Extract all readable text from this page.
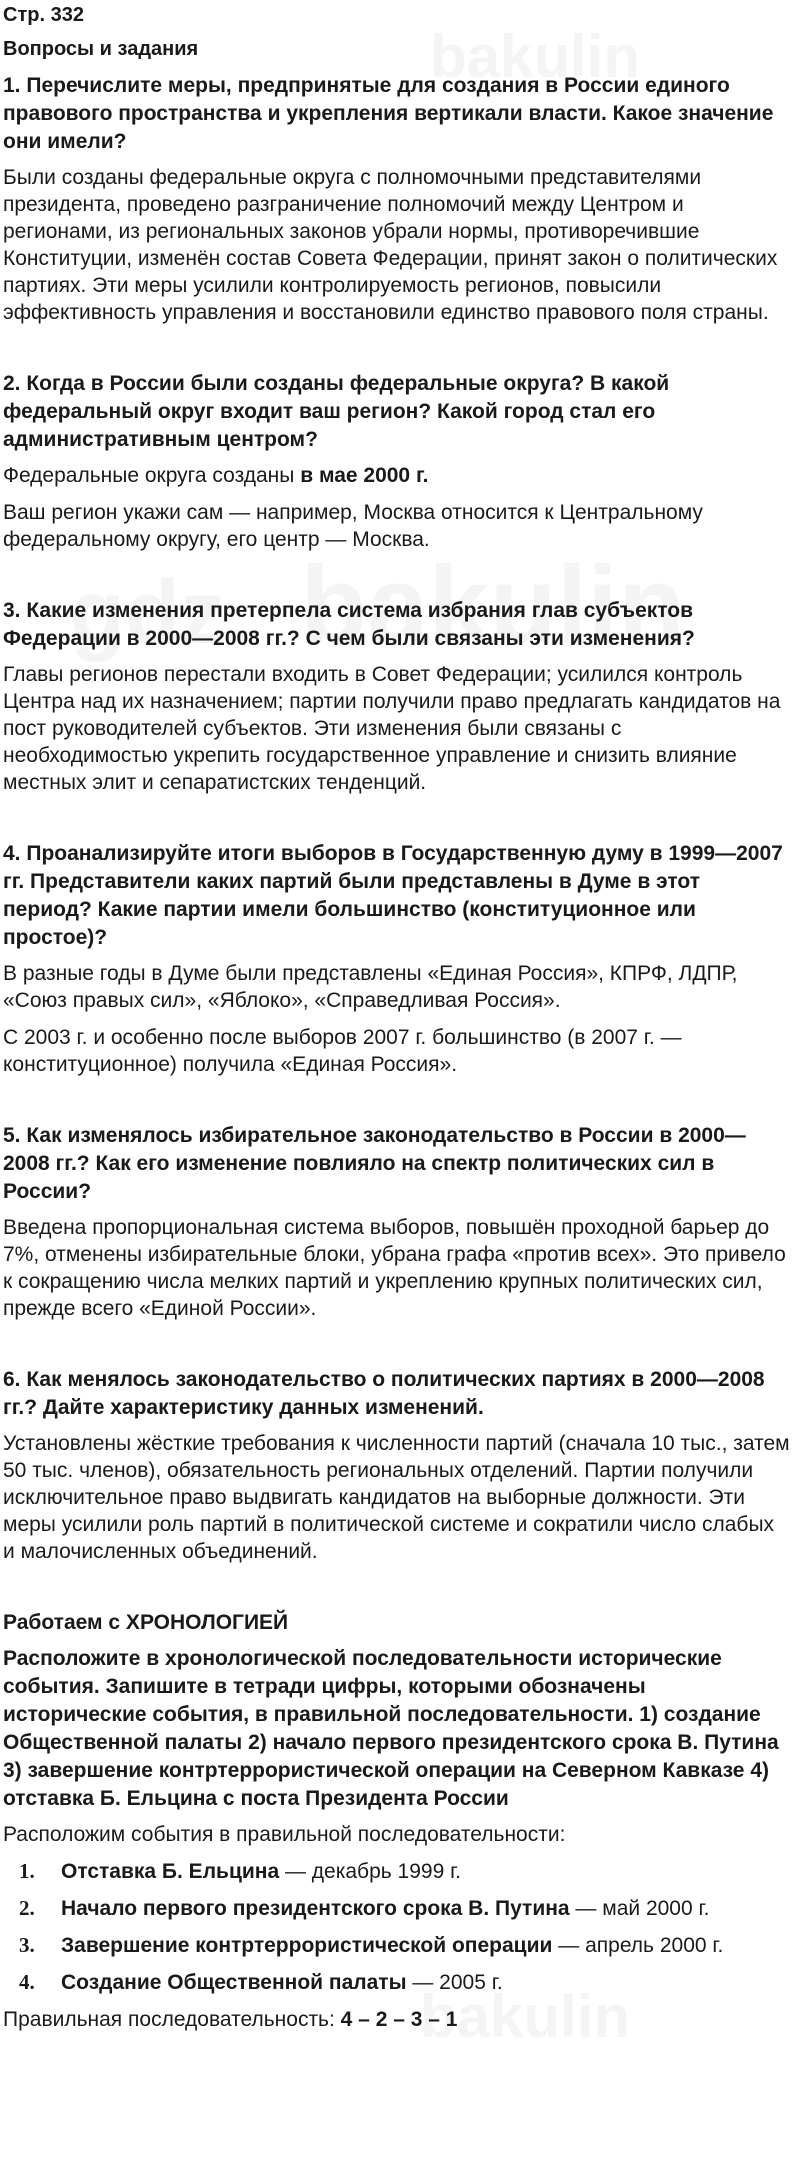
Стр. 332
Вопросы и задания
1. Перечислите меры, предпринятые для создания в России единого правового пространства и укрепления вертикали власти. Какое значение они имели?
Были созданы федеральные округа с полномочными представителями президента, проведено разграничение полномочий между Центром и регионами, из региональных законов убрали нормы, противоречившие Конституции, изменён состав Совета Федерации, принят закон о политических партиях. Эти меры усилили контролируемость регионов, повысили эффективность управления и восстановили единство правового поля страны.
2. Когда в России были созданы федеральные округа? В какой федеральный округ входит ваш регион? Какой город стал его административным центром?
Федеральные округа созданы в мае 2000 г.
Ваш регион укажи сам — например, Москва относится к Центральному федеральному округу, его центр — Москва.
3. Какие изменения претерпела система избрания глав субъектов Федерации в 2000—2008 гг.? С чем были связаны эти изменения?
Главы регионов перестали входить в Совет Федерации; усилился контроль Центра над их назначением; партии получили право предлагать кандидатов на пост руководителей субъектов. Эти изменения были связаны с необходимостью укрепить государственное управление и снизить влияние местных элит и сепаратистских тенденций.
4. Проанализируйте итоги выборов в Государственную думу в 1999—2007 гг. Представители каких партий были представлены в Думе в этот период? Какие партии имели большинство (конституционное или простое)?
В разные годы в Думе были представлены «Единая Россия», КПРФ, ЛДПР, «Союз правых сил», «Яблоко», «Справедливая Россия».
С 2003 г. и особенно после выборов 2007 г. большинство (в 2007 г. — конституционное) получила «Единая Россия».
5. Как изменялось избирательное законодательство в России в 2000—2008 гг.? Как его изменение повлияло на спектр политических сил в России?
Введена пропорциональная система выборов, повышён проходной барьер до 7%, отменены избирательные блоки, убрана графа «против всех». Это привело к сокращению числа мелких партий и укреплению крупных политических сил, прежде всего «Единой России».
6. Как менялось законодательство о политических партиях в 2000—2008 гг.? Дайте характеристику данных изменений.
Установлены жёсткие требования к численности партий (сначала 10 тыс., затем 50 тыс. членов), обязательность региональных отделений. Партии получили исключительное право выдвигать кандидатов на выборные должности. Эти меры усилили роль партий в политической системе и сократили число слабых и малочисленных объединений.
Работаем с ХРОНОЛОГИЕЙ
Расположите в хронологической последовательности исторические события. Запишите в тетради цифры, которыми обозначены исторические события, в правильной последовательности. 1) создание Общественной палаты 2) начало первого президентского срока В. Путина 3) завершение контртеррористической операции на Северном Кавказе 4) отставка Б. Ельцина с поста Президента России
Расположим события в правильной последовательности:
1.	Отставка Б. Ельцина — декабрь 1999 г.
2.	Начало первого президентского срока В. Путина — май 2000 г.
3.	Завершение контртеррористической операции — апрель 2000 г.
4.	Создание Общественной палаты — 2005 г.
Правильная последовательность: 4 – 2 – 3 – 1
